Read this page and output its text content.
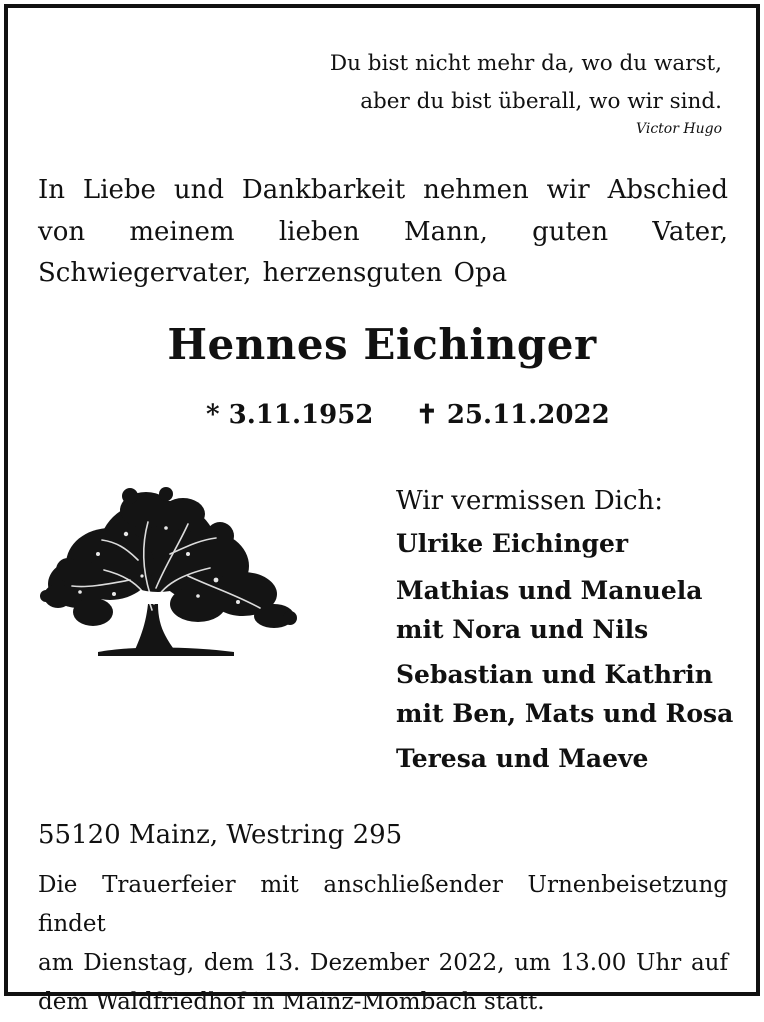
Du bist nicht mehr da, wo du warst,
aber du bist überall, wo wir sind.
Victor Hugo
In Liebe und Dankbarkeit nehmen wir Abschied von meinem lieben Mann, guten Vater, Schwiegervater, herzensguten Opa
Hennes Eichinger
* 3.11.1952 ✝ 25.11.2022
Wir vermissen Dich:
Ulrike Eichinger
Mathias und Manuela
mit Nora und Nils
Sebastian und Kathrin
mit Ben, Mats und Rosa
Teresa und Maeve
55120 Mainz, Westring 295
Die Trauerfeier mit anschließender Urnenbeisetzung findet
am Dienstag, dem 13. Dezember 2022, um 13.00 Uhr auf
dem Waldfriedhof in Mainz-Mombach statt.
